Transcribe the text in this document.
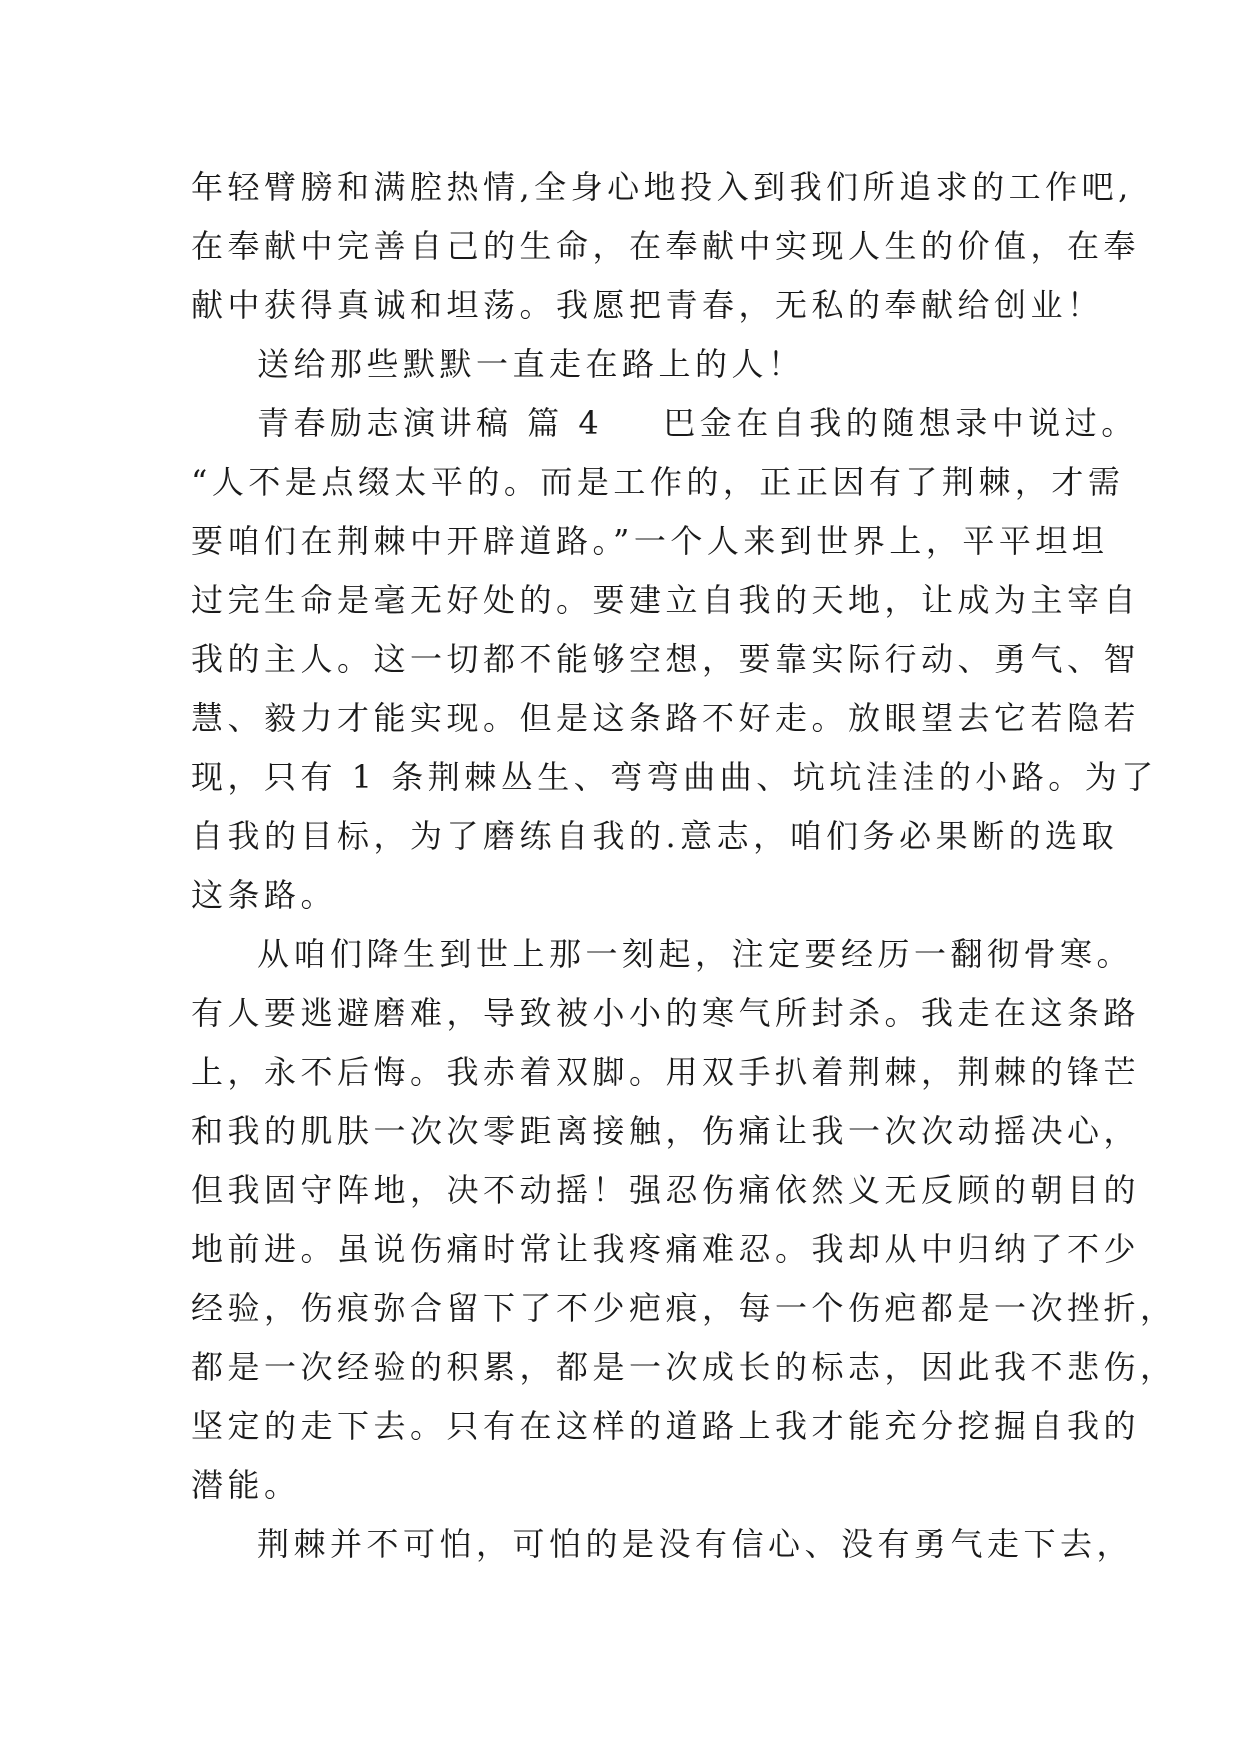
年轻臂膀和满腔热情,全身心地投入到我们所追求的工作吧,
在奉献中完善自己的生命，在奉献中实现人生的价值，在奉
献中获得真诚和坦荡。我愿把青春，无私的奉献给创业！
送给那些默默一直走在路上的人！
青春励志演讲稿 篇 4 巴金在自我的随想录中说过。
“人不是点缀太平的。而是工作的，正正因有了荆棘，才需
要咱们在荆棘中开辟道路。”一个人来到世界上，平平坦坦
过完生命是毫无好处的。要建立自我的天地，让成为主宰自
我的主人。这一切都不能够空想，要靠实际行动、勇气、智
慧、毅力才能实现。但是这条路不好走。放眼望去它若隐若
现，只有 1 条荆棘丛生、弯弯曲曲、坑坑洼洼的小路。为了
自我的目标，为了磨练自我的.意志，咱们务必果断的选取
这条路。
从咱们降生到世上那一刻起，注定要经历一翻彻骨寒。
有人要逃避磨难，导致被小小的寒气所封杀。我走在这条路
上，永不后悔。我赤着双脚。用双手扒着荆棘，荆棘的锋芒
和我的肌肤一次次零距离接触，伤痛让我一次次动摇决心，
但我固守阵地，决不动摇！强忍伤痛依然义无反顾的朝目的
地前进。虽说伤痛时常让我疼痛难忍。我却从中归纳了不少
经验，伤痕弥合留下了不少疤痕，每一个伤疤都是一次挫折，
都是一次经验的积累，都是一次成长的标志，因此我不悲伤，
坚定的走下去。只有在这样的道路上我才能充分挖掘自我的
潜能。
荆棘并不可怕，可怕的是没有信心、没有勇气走下去，
